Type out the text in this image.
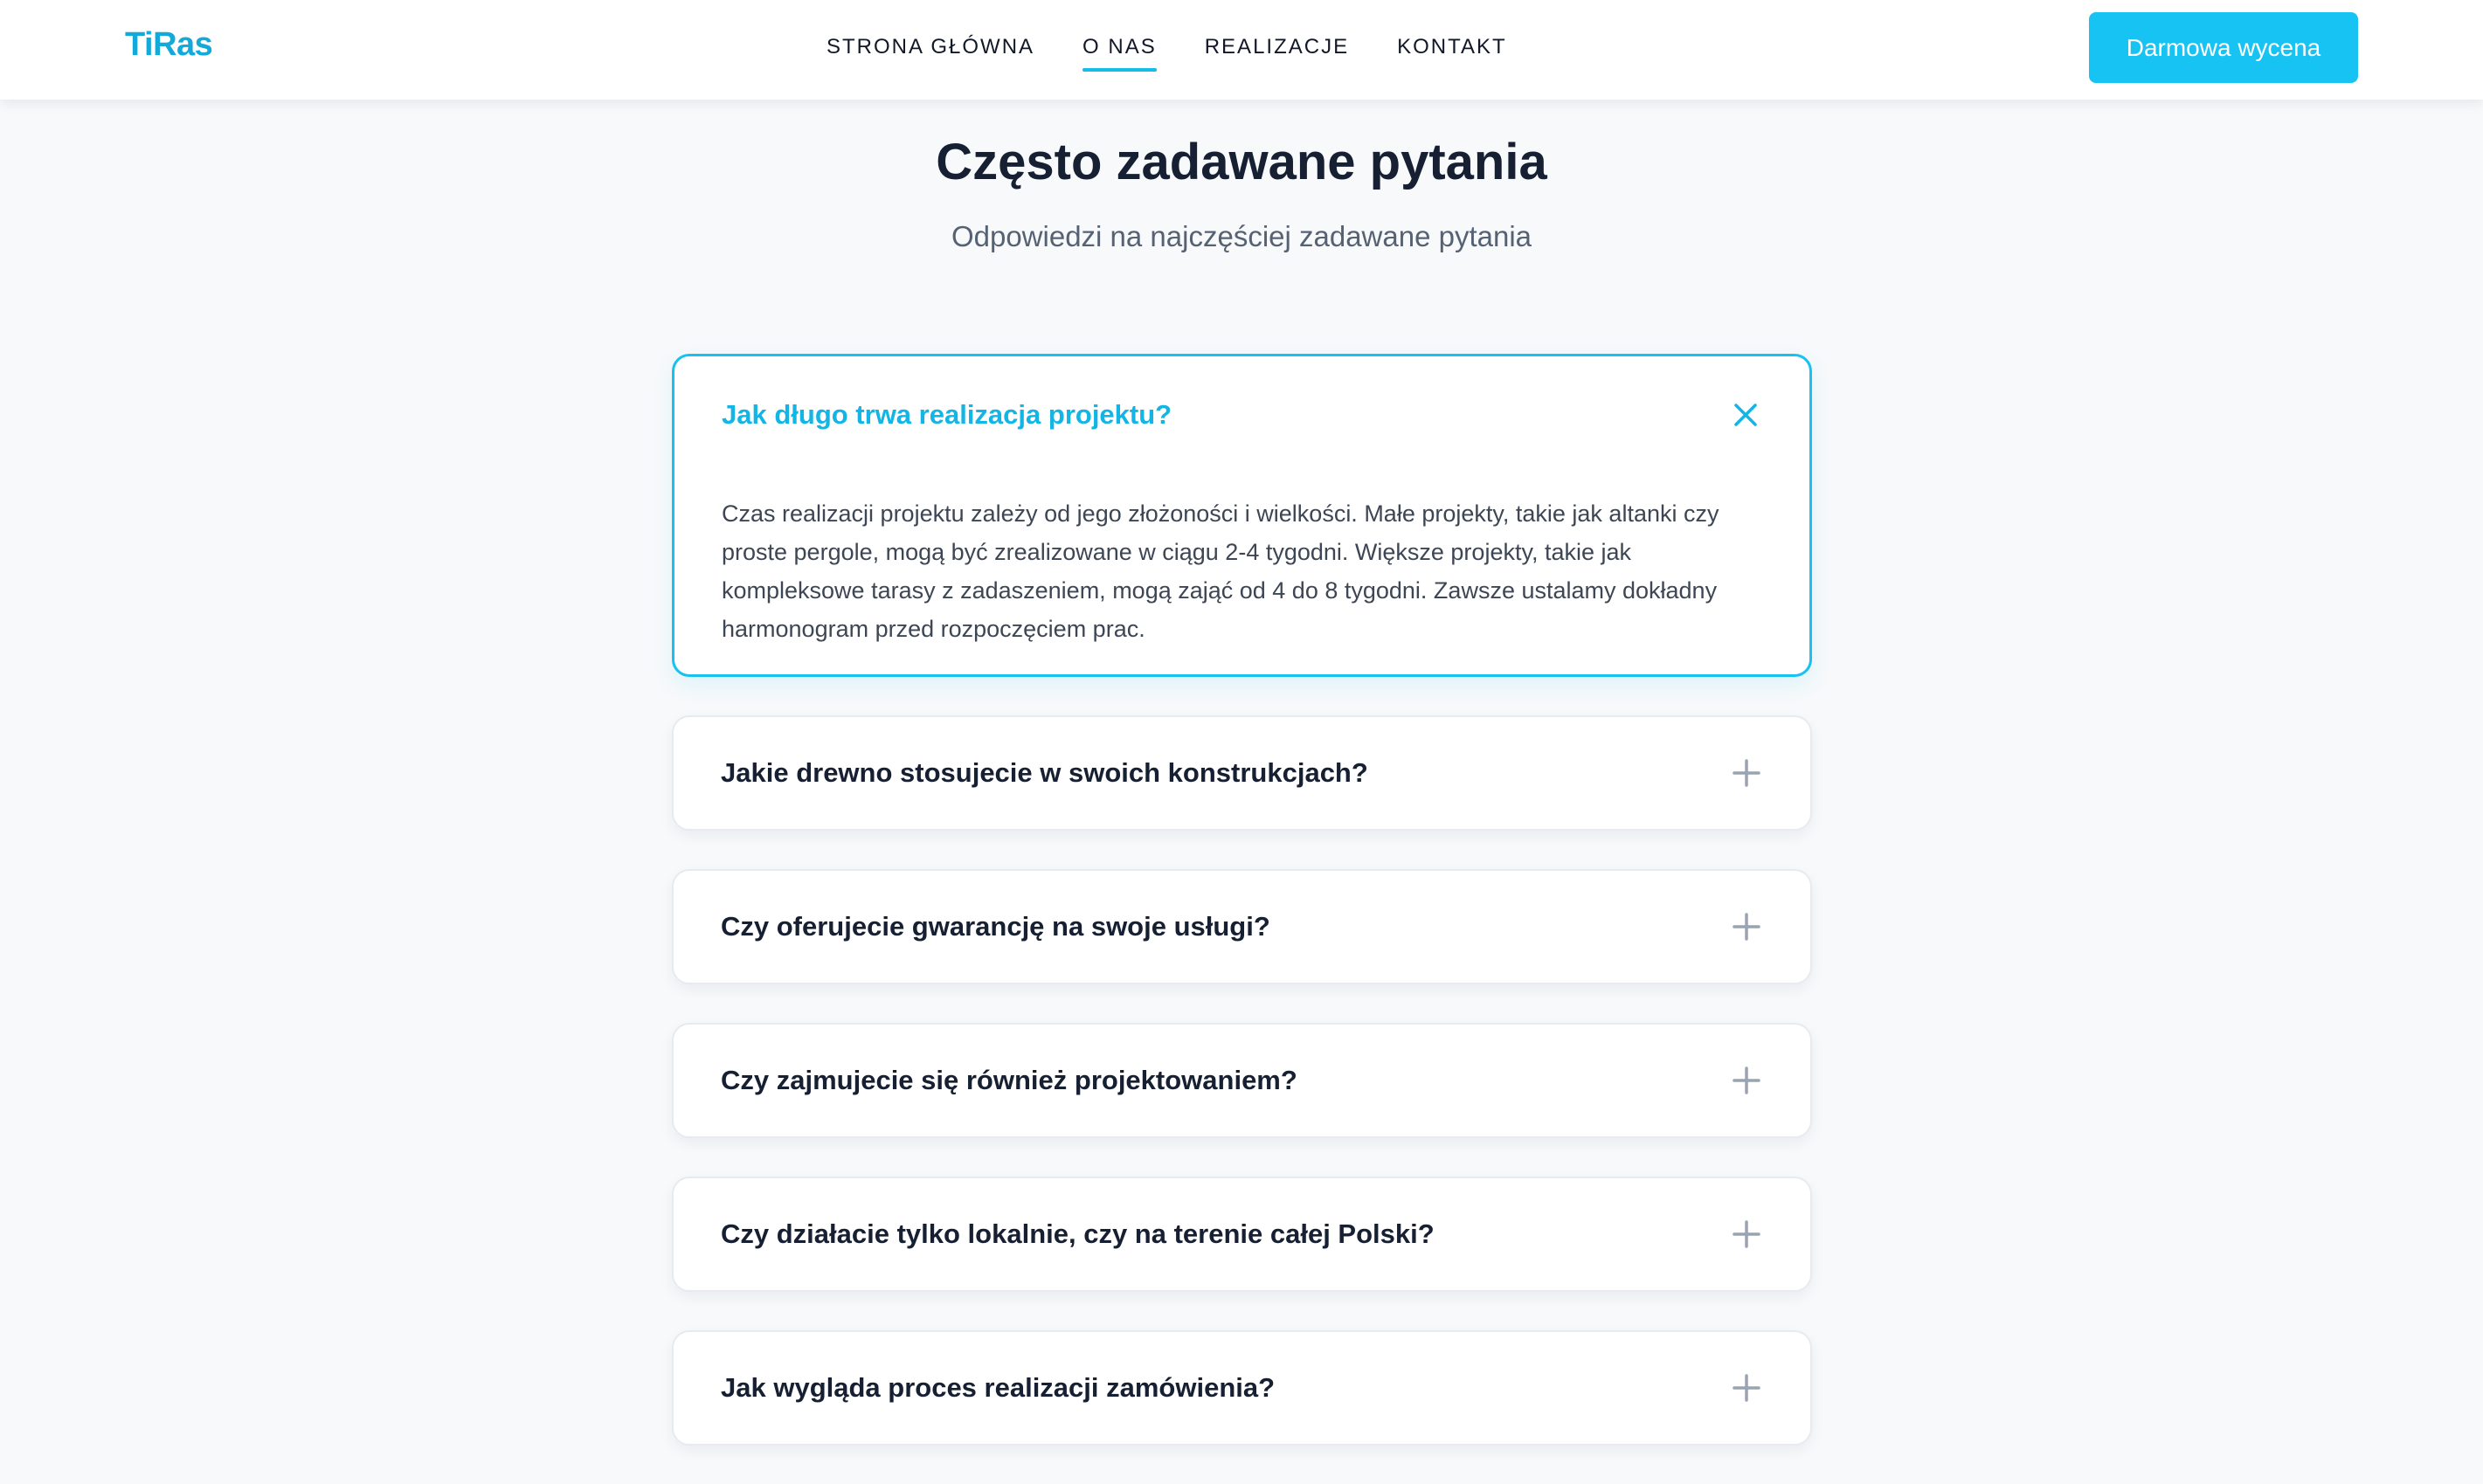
TiRas	STRONA GŁÓWNA O NAS REALIZACJE KONTAKT	Darmowa wycena
Często zadawane pytania

Odpowiedzi na najczęściej zadawane pytania

Jak długo trwa realizacja projektu?

Czas realizacji projektu zależy od jego złożoności i wielkości. Małe projekty, takie jak altanki czy proste pergole, mogą być zrealizowane w ciągu 2-4 tygodni. Większe projekty, takie jak kompleksowe tarasy z zadaszeniem, mogą zająć od 4 do 8 tygodni. Zawsze ustalamy dokładny harmonogram przed rozpoczęciem prac.

Jakie drewno stosujecie w swoich konstrukcjach?
Czy oferujecie gwarancję na swoje usługi?
Czy zajmujecie się również projektowaniem?
Czy działacie tylko lokalnie, czy na terenie całej Polski?
Jak wygląda proces realizacji zamówienia?
